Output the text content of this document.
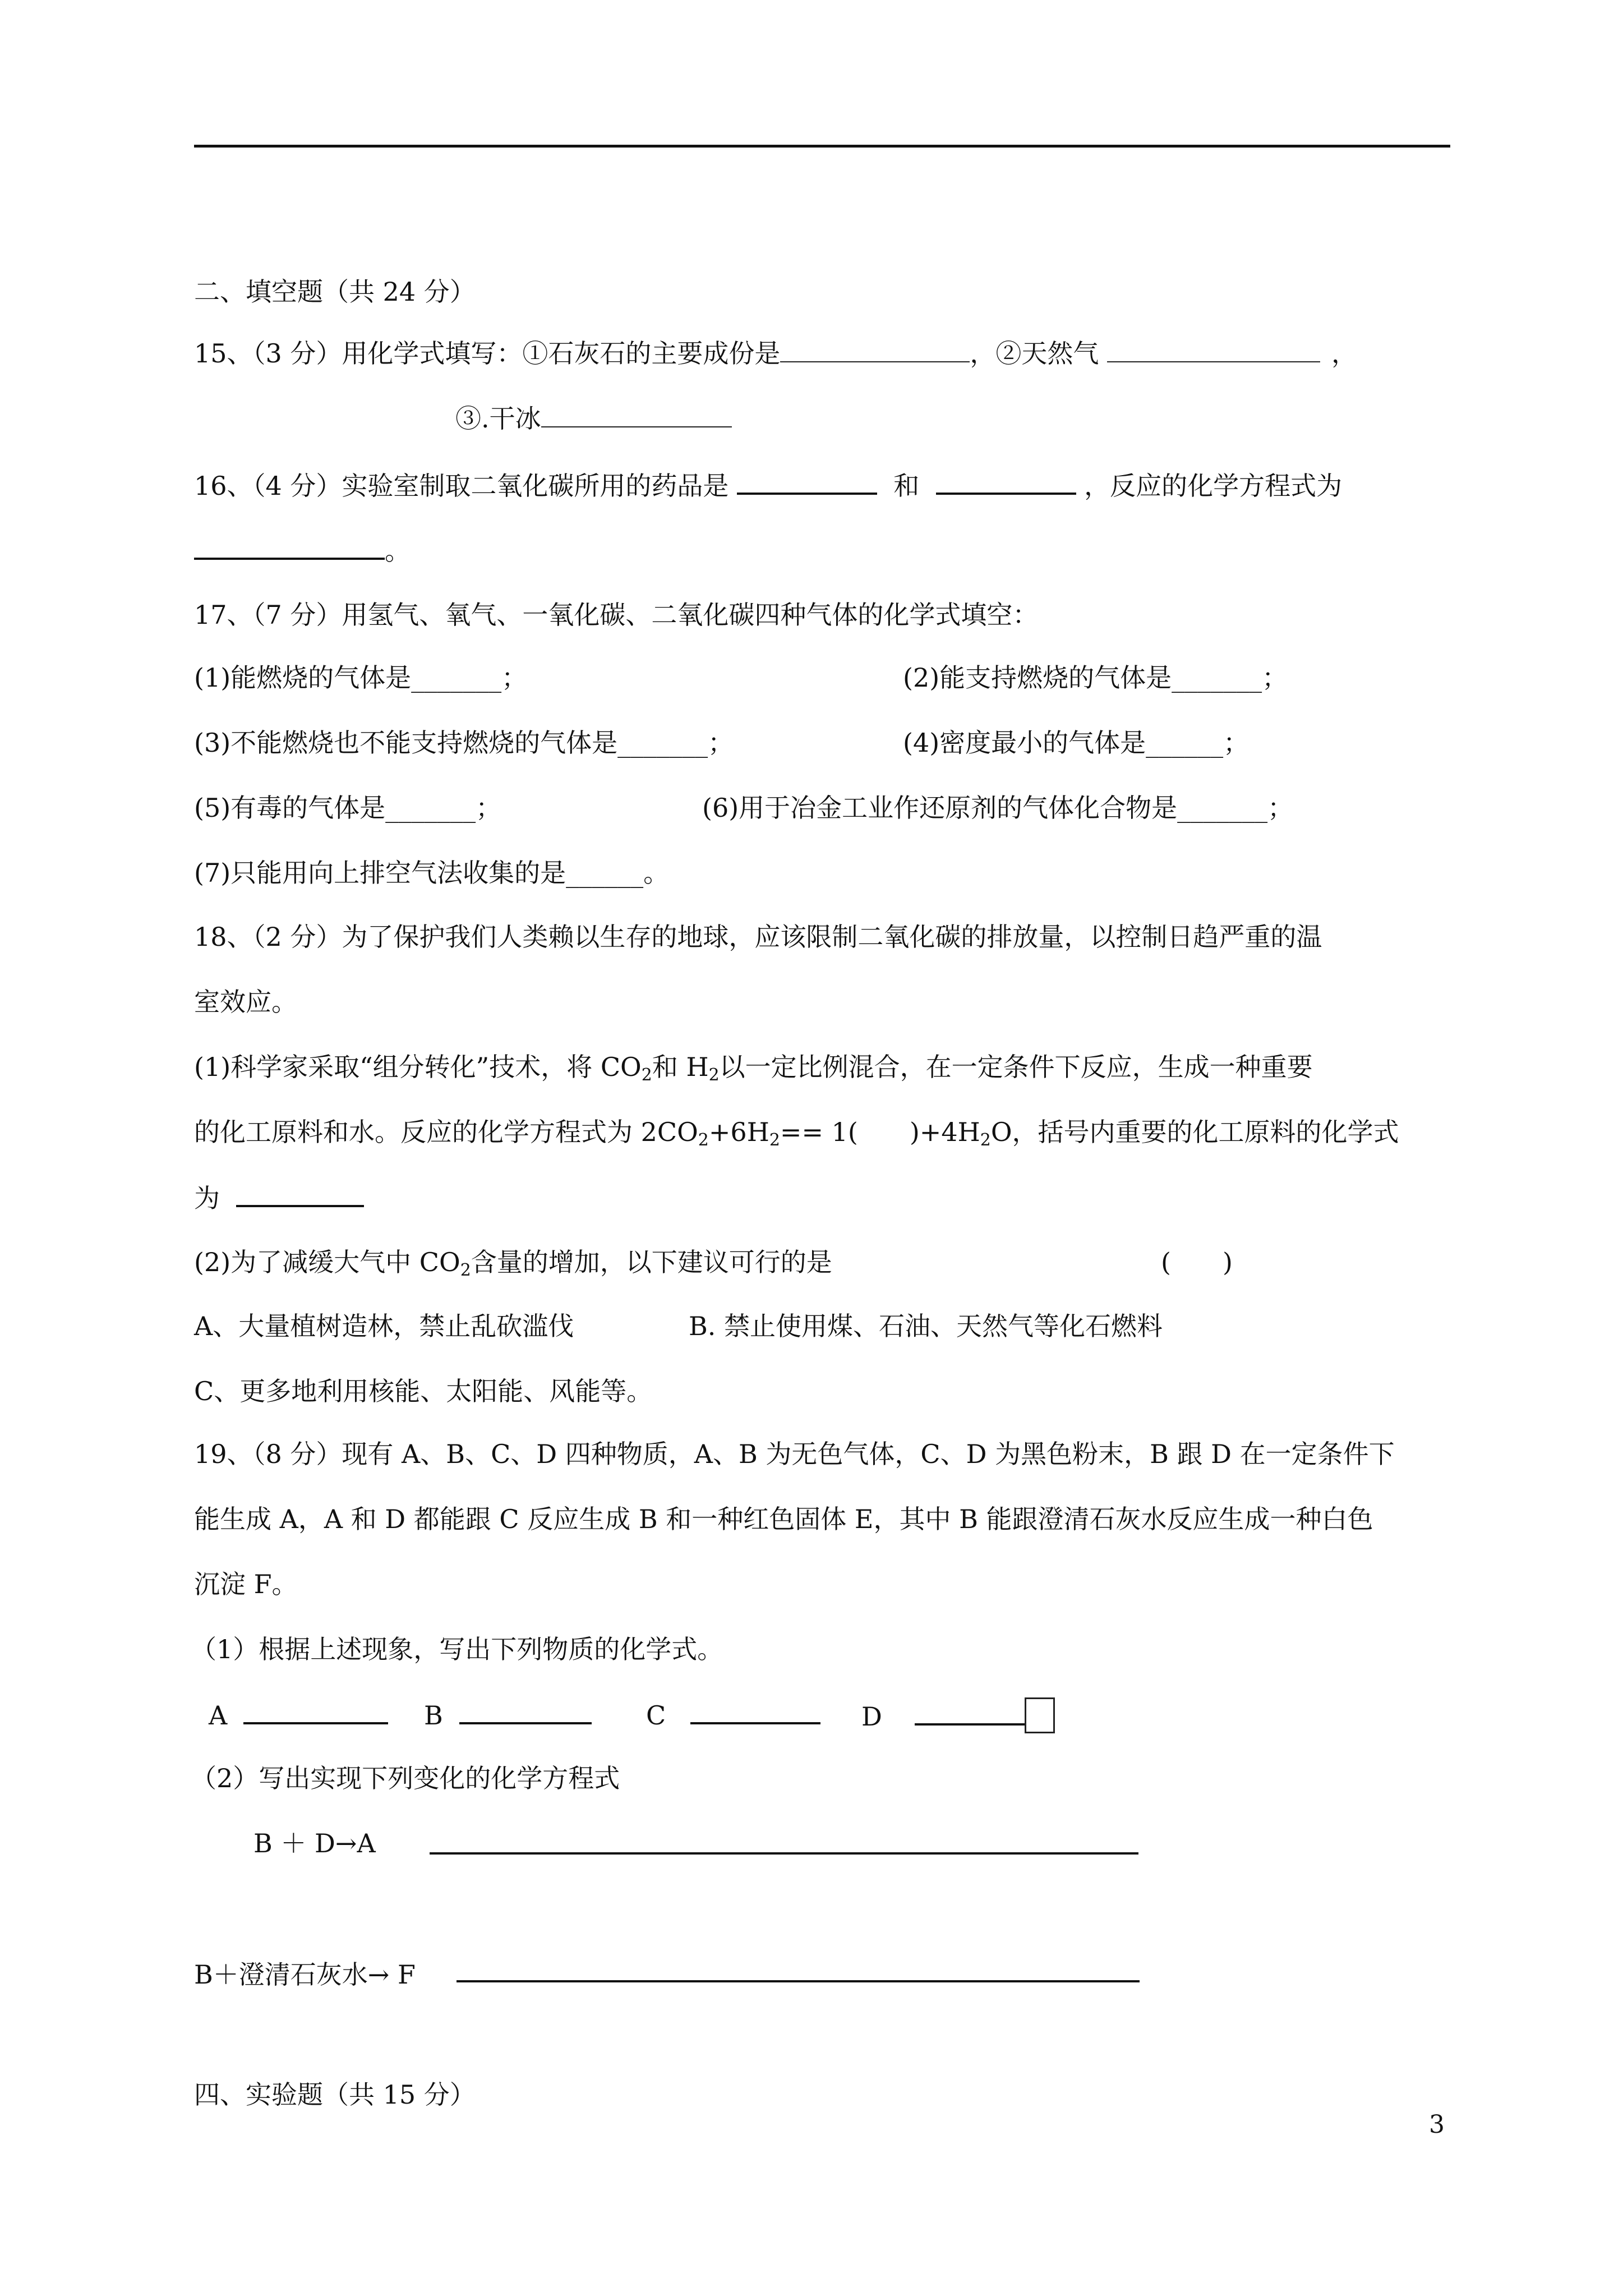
二、填空题（共 24 分）
15、（3 分）用化学式填写：①石灰石的主要成份是	，②天然气	，
③.干冰
16、（4 分）实验室制取二氧化碳所用的药品是	和	，反应的化学方程式为
。
17、（7 分）用氢气、氧气、一氧化碳、二氧化碳四种气体的化学式填空：
(1)能燃烧的气体是_______；	(2)能支持燃烧的气体是_______；
(3)不能燃烧也不能支持燃烧的气体是_______；	(4)密度最小的气体是______；
(5)有毒的气体是_______；	(6)用于冶金工业作还原剂的气体化合物是_______；
(7)只能用向上排空气法收集的是______。
18、（2 分）为了保护我们人类赖以生存的地球，应该限制二氧化碳的排放量，以控制日趋严重的温
室效应。
(1)科学家采取“组分转化”技术，将 $CO_2$和 $H_2$以一定比例混合，在一定条件下反应，生成一种重要
的化工原料和水。反应的化学方程式为 $2CO_2+6H_2== 1$(　　)$+4H_2O$，括号内重要的化工原料的化学式
为
(2)为了减缓大气中 $CO_2$含量的增加，以下建议可行的是	(　　)
A、大量植树造林，禁止乱砍滥伐	B. 禁止使用煤、石油、天然气等化石燃料
C、更多地利用核能、太阳能、风能等。
19、（8 分）现有 A、B、C、D 四种物质，A、B 为无色气体，C、D 为黑色粉末，B 跟 D 在一定条件下
能生成 A，A 和 D 都能跟 C 反应生成 B 和一种红色固体 E，其中 B 能跟澄清石灰水反应生成一种白色
沉淀 F。
（1）根据上述现象，写出下列物质的化学式。
A	B	C	D
（2）写出实现下列变化的化学方程式
B ＋ D→A
B＋澄清石灰水→ F
四、实验题（共 15 分）
3
